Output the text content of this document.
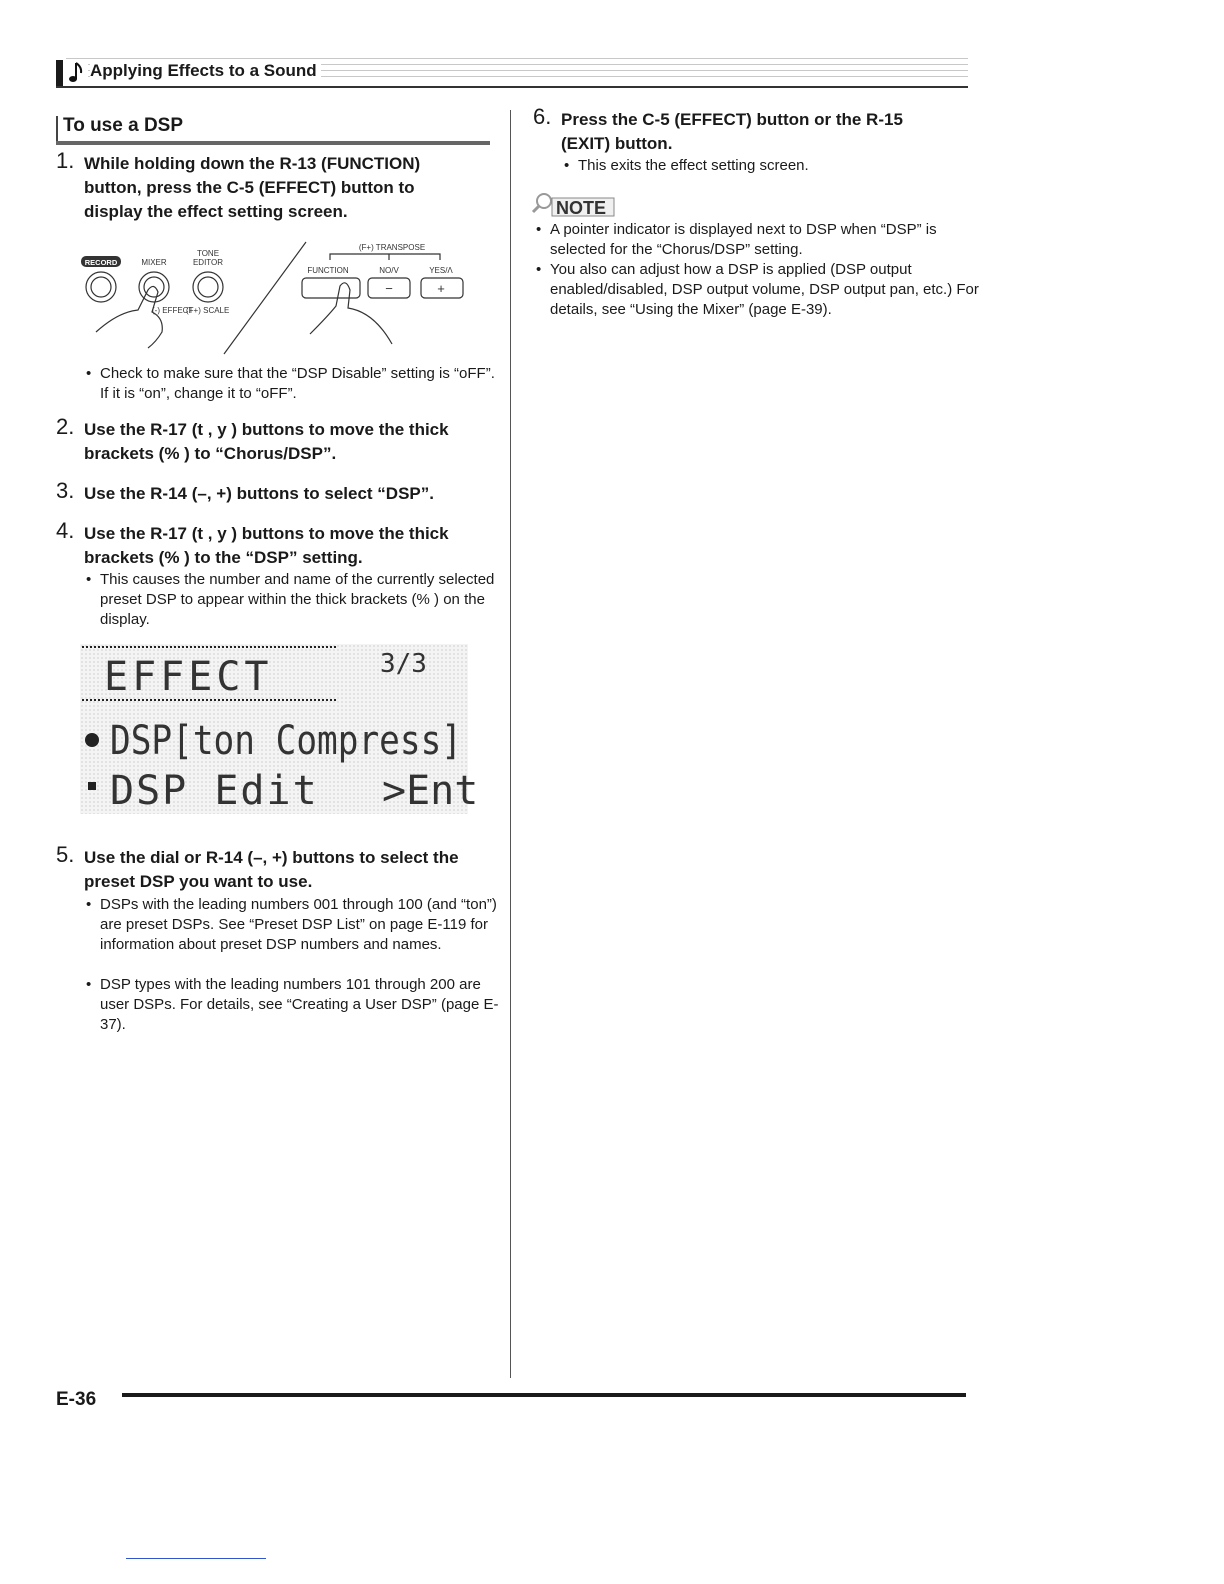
Applying Effects to a Sound
To use a DSP
1. While holding down the R-13 (FUNCTION) button, press the C-5 (EFFECT) button to display the effect setting screen.
RECORD	MIXER
TONE
EDITOR
(-) EFFECT
(F+) SCALE
(F+) TRANSPOSE
FUNCTION	NO/V	YES/Λ
−	+
• Check to make sure that the “DSP Disable” setting is “oFF”. If it is “on”, change it to “oFF”.
2. Use the R-17 (t , y ) buttons to move the thick brackets (% ) to “Chorus/DSP”.
3. Use the R-14 (–, +) buttons to select “DSP”.
4. Use the R-17 (t , y ) buttons to move the thick brackets (% ) to the “DSP” setting.
• This causes the number and name of the currently selected preset DSP to appear within the thick brackets (% ) on the display.
EFFECT	3/3
DSP[ton Compress]
DSP Edit >Ent
5. Use the dial or R-14 (–, +) buttons to select the preset DSP you want to use.
• DSPs with the leading numbers 001 through 100 (and “ton”) are preset DSPs. See “Preset DSP List” on page E-119 for information about preset DSP numbers and names.
• DSP types with the leading numbers 101 through 200 are user DSPs. For details, see “Creating a User DSP” (page E-37).
6. Press the C-5 (EFFECT) button or the R-15 (EXIT) button.
• This exits the effect setting screen.
NOTE
• A pointer indicator is displayed next to DSP when “DSP” is selected for the “Chorus/DSP” setting.
• You also can adjust how a DSP is applied (DSP output enabled/disabled, DSP output volume, DSP output pan, etc.) For details, see “Using the Mixer” (page E-39).
E-36
